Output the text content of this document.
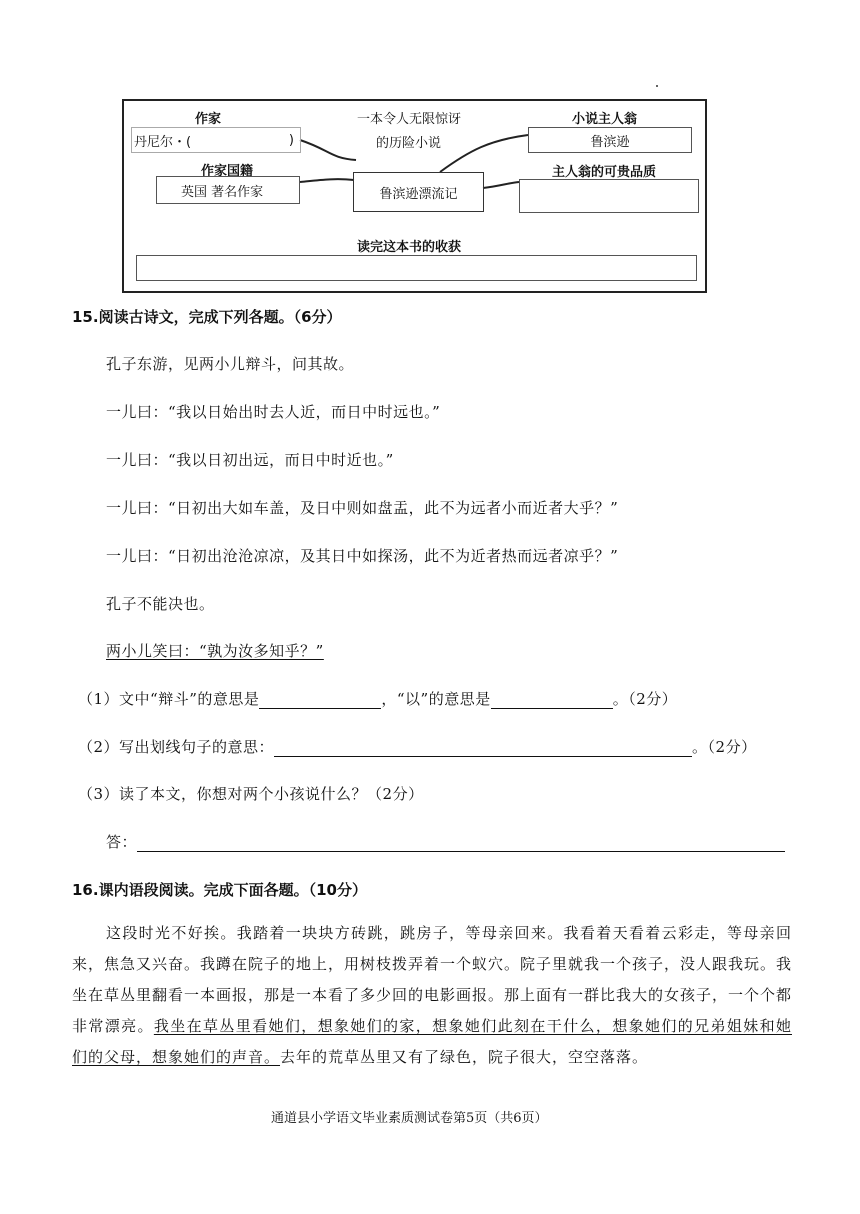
作家
丹尼尔・(	)
一本令人无限惊讶
的历险小说
作家国籍
英国 著名作家	鲁滨逊漂流记
小说主人翁
鲁滨逊
主人翁的可贵品质
读完这本书的收获
15.阅读古诗文，完成下列各题。（6分）
孔子东游，见两小儿辩斗，问其故。
一儿曰：“我以日始出时去人近，而日中时远也。”
一儿曰：“我以日初出远，而日中时近也。”
一儿曰：“日初出大如车盖，及日中则如盘盂，此不为远者小而近者大乎？”
一儿曰：“日初出沧沧凉凉，及其日中如探汤，此不为近者热而远者凉乎？”
孔子不能决也。
两小儿笑曰：“孰为汝多知乎？”
（1）文中“辩斗”的意思是	，“以”的意思是	。（2分）
（2）写出划线句子的意思：	。（2分）
（3）读了本文，你想对两个小孩说什么？（2分）
答：
16.课内语段阅读。完成下面各题。（10分）
这段时光不好挨。我踏着一块块方砖跳，跳房子，等母亲回来。我看着天看着云彩走，等母亲回来，焦急又兴奋。我蹲在院子的地上，用树枝拨弄着一个蚁穴。院子里就我一个孩子，没人跟我玩。我坐在草丛里翻看一本画报，那是一本看了多少回的电影画报。那上面有一群比我大的女孩子，一个个都非常漂亮。我坐在草丛里看她们，想象她们的家，想象她们此刻在干什么，想象她们的兄弟姐妹和她们的父母，想象她们的声音。去年的荒草丛里又有了绿色，院子很大，空空落落。
通道县小学语文毕业素质测试卷第5页（共6页）
